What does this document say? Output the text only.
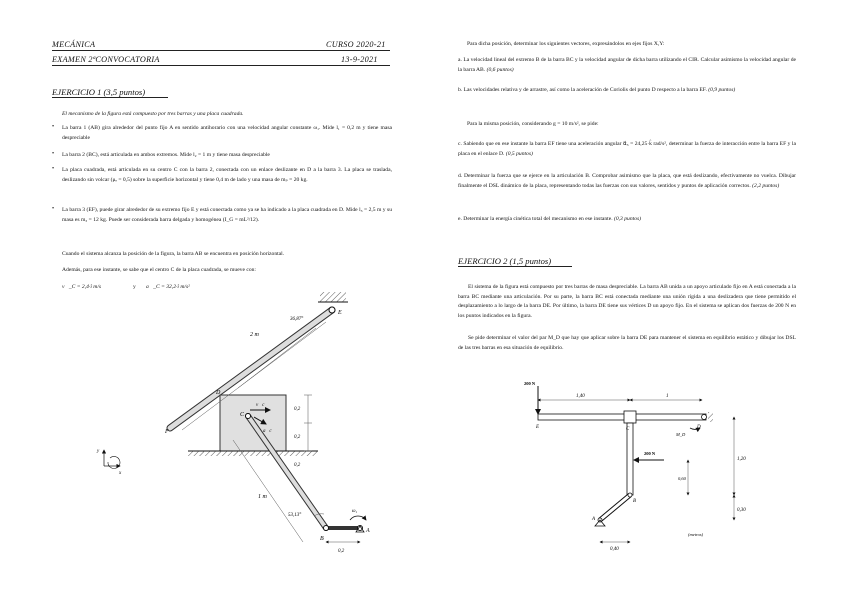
MECÁNICA	CURSO 2020-21
EXAMEN 2ªCONVOCATORIA	13-9-2021
EJERCICIO 1 (3,5 puntos)
El mecanismo de la figura está compuesto por tres barras y una placa cuadrada.
• La barra 1 (AB) gira alrededor del punto fijo A en sentido antihorario con una velocidad angular constante ω₁. Mide l₁ = 0,2 m y tiene masa despreciable
• La barra 2 (BC), está articulada en ambos extremos. Mide l₂ = 1 m y tiene masa despreciable
• La placa cuadrada, está articulada en su centro C con la barra 2, conectada con un enlace deslizante en D a la barra 3. La placa se traslada, deslizando sin volcar (μₑ = 0,5) sobre la superficie horizontal y tiene 0,4 m de lado y una masa de mₚ = 20 kg.
• La barra 3 (EF), puede girar alrededor de su extremo fijo E y está conectada como ya se ha indicado a la placa cuadrada en D. Mide l₃ = 2,5 m y su masa es m₃ = 12 kg. Puede ser considerada barra delgada y homogénea (I_G = mL²/12).
Cuando el sistema alcanza la posición de la figura, la barra AB se encuentra en posición horizontal.
Además, para ese instante, se sabe que el centro C de la placa cuadrada, se mueve con:
v⃗_C = 2,4·î m/s	y a⃗_C = 32,2·î m/s²
2 m
1 m
0,2
0,2
0,2
0,2
36,87°
53,13°
E
F
D
C
B
A
v⃗c
a⃗c
ω₁
y
x
Para dicha posición, determinar los siguientes vectores, expresándolos en ejes fijos X,Y:
a. La velocidad lineal del extremo B de la barra BC y la velocidad angular de dicha barra utilizando el CIR. Calcular asimismo la velocidad angular de la barra AB. (0,6 puntos)
b. Las velocidades relativa y de arrastre, así como la aceleración de Coriolis del punto D respecto a la barra EF. (0,9 puntos)
Para la misma posición, considerando g = 10 m/s², se pide:
c. Sabiendo que en ese instante la barra EF tiene una aceleración angular α⃗₃ = 24,25·k̂ rad/s², determinar la fuerza de interacción entre la barra EF y la placa en el enlace D. (0,5 puntos)
d. Determinar la fuerza que se ejerce en la articulación B. Comprobar asimismo que la placa, que está deslizando, efectivamente no vuelca. Dibujar finalmente el DSL dinámico de la placa, representando todas las fuerzas con sus valores, sentidos y puntos de aplicación correctos. (2,2 puntos)
e. Determinar la energía cinética total del mecanismo en ese instante. (0,3 puntos)
EJERCICIO 2 (1,5 puntos)
El sistema de la figura está compuesto por tres barras de masa despreciable. La barra AB unida a un apoyo articulado fijo en A está conectada a la barra BC mediante una articulación. Por su parte, la barra BC está conectada mediante una unión rígida a una deslizadera que tiene permitido el desplazamiento a lo largo de la barra DE. Por último, la barra DE tiene sus vértices D un apoyo fijo. En el sistema se aplican dos fuerzas de 200 N en los puntos indicados en la figura.
Se pide determinar el valor del par M_D que hay que aplicar sobre la barra DE para mantener el sistema en equilibrio estático y dibujar los DSL de las tres barras en esa situación de equilibrio.
200 N
1,40	1
200 N
1,20
0,30
0,60
0,40
E	C	D
M_D
B
A
(metros)
